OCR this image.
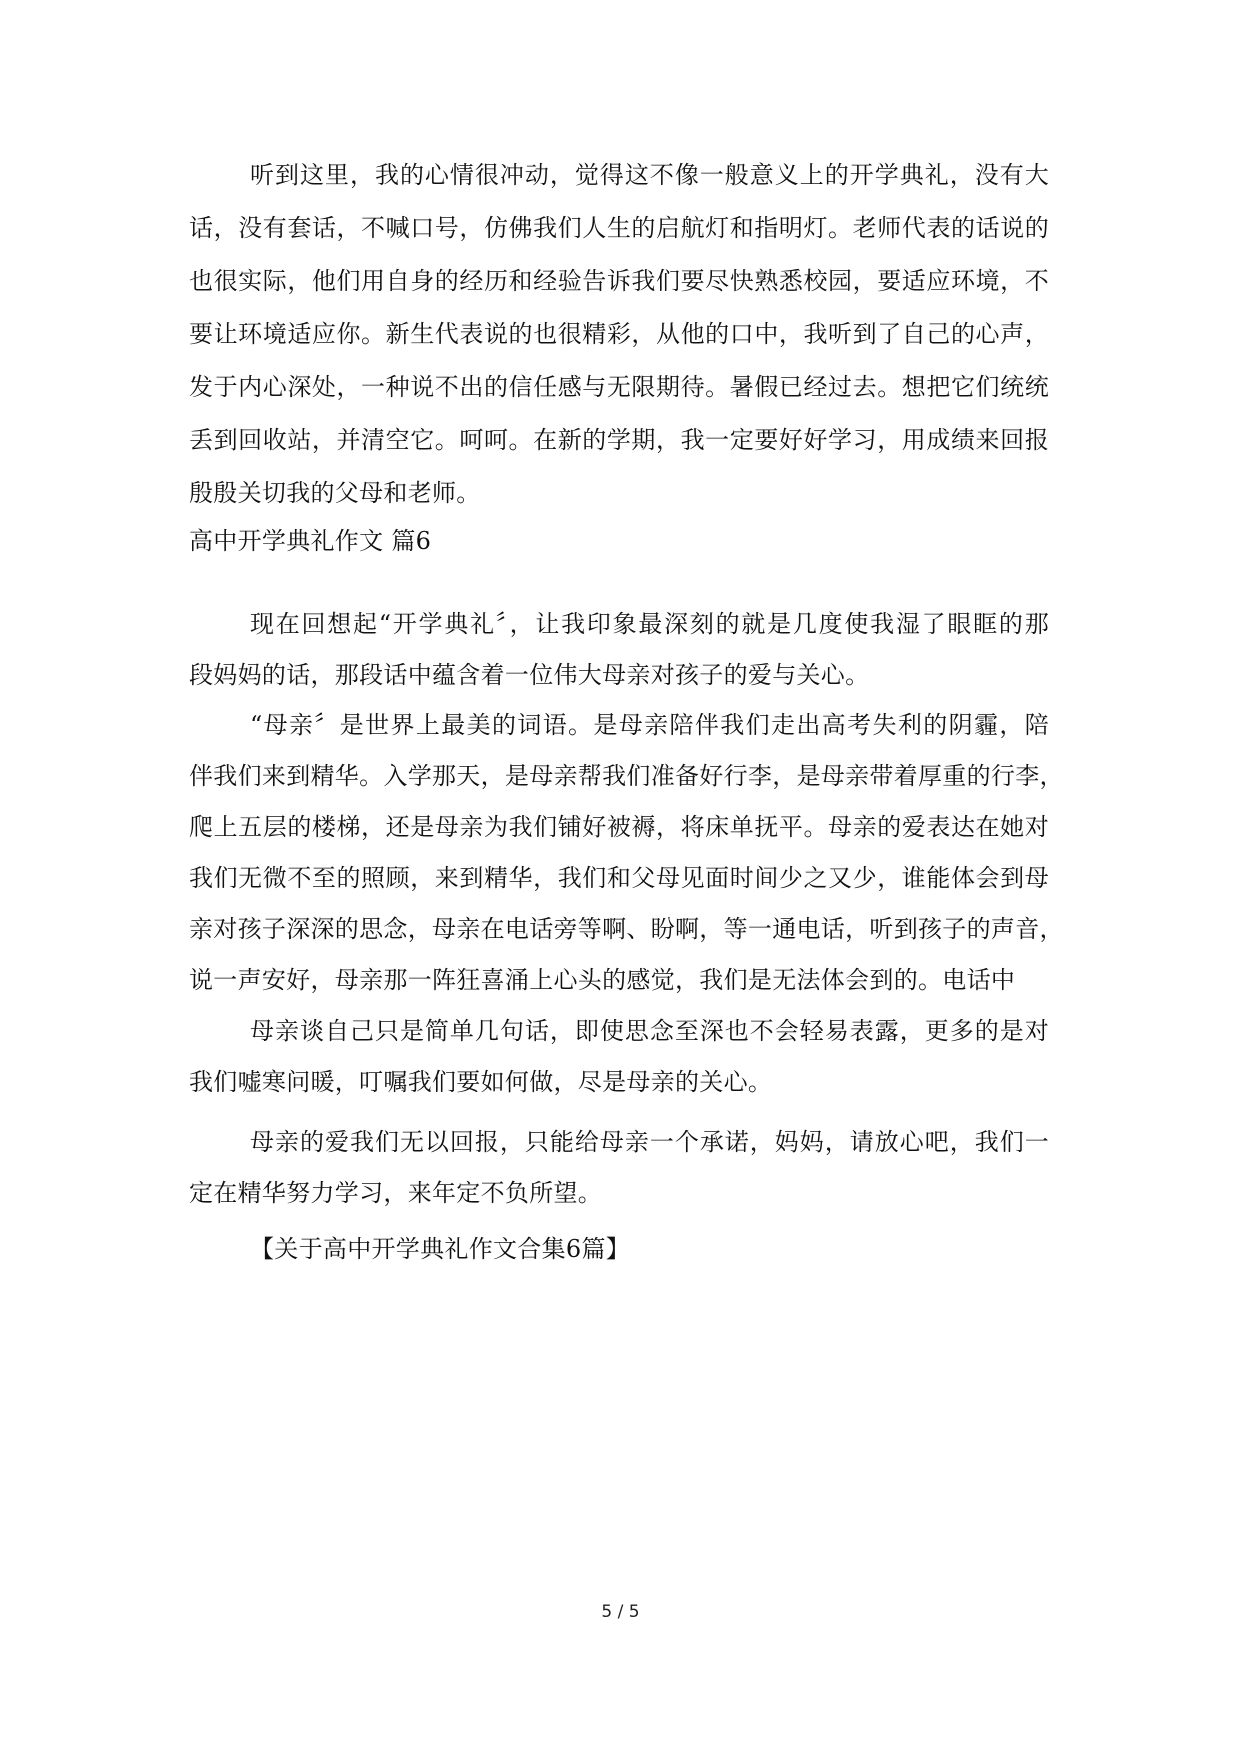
听到这里，我的心情很冲动，觉得这不像一般意义上的开学典礼，没有大
话，没有套话，不喊口号，仿佛我们人生的启航灯和指明灯。老师代表的话说的
也很实际，他们用自身的经历和经验告诉我们要尽快熟悉校园，要适应环境，不
要让环境适应你。新生代表说的也很精彩，从他的口中，我听到了自己的心声，
发于内心深处，一种说不出的信任感与无限期待。暑假已经过去。想把它们统统
丢到回收站，并清空它。呵呵。在新的学期，我一定要好好学习，用成绩来回报
殷殷关切我的父母和老师。
高中开学典礼作文 篇6
现在回想起“开学典礼〞，让我印象最深刻的就是几度使我湿了眼眶的那
段妈妈的话，那段话中蕴含着一位伟大母亲对孩子的爱与关心。
“母亲〞是世界上最美的词语。是母亲陪伴我们走出高考失利的阴霾，陪
伴我们来到精华。入学那天，是母亲帮我们准备好行李，是母亲带着厚重的行李，
爬上五层的楼梯，还是母亲为我们铺好被褥，将床单抚平。母亲的爱表达在她对
我们无微不至的照顾，来到精华，我们和父母见面时间少之又少，谁能体会到母
亲对孩子深深的思念，母亲在电话旁等啊、盼啊，等一通电话，听到孩子的声音，
说一声安好，母亲那一阵狂喜涌上心头的感觉，我们是无法体会到的。电话中
母亲谈自己只是简单几句话，即使思念至深也不会轻易表露，更多的是对
我们嘘寒问暖，叮嘱我们要如何做，尽是母亲的关心。
母亲的爱我们无以回报，只能给母亲一个承诺，妈妈，请放心吧，我们一
定在精华努力学习，来年定不负所望。
【关于高中开学典礼作文合集6篇】
5 / 5
